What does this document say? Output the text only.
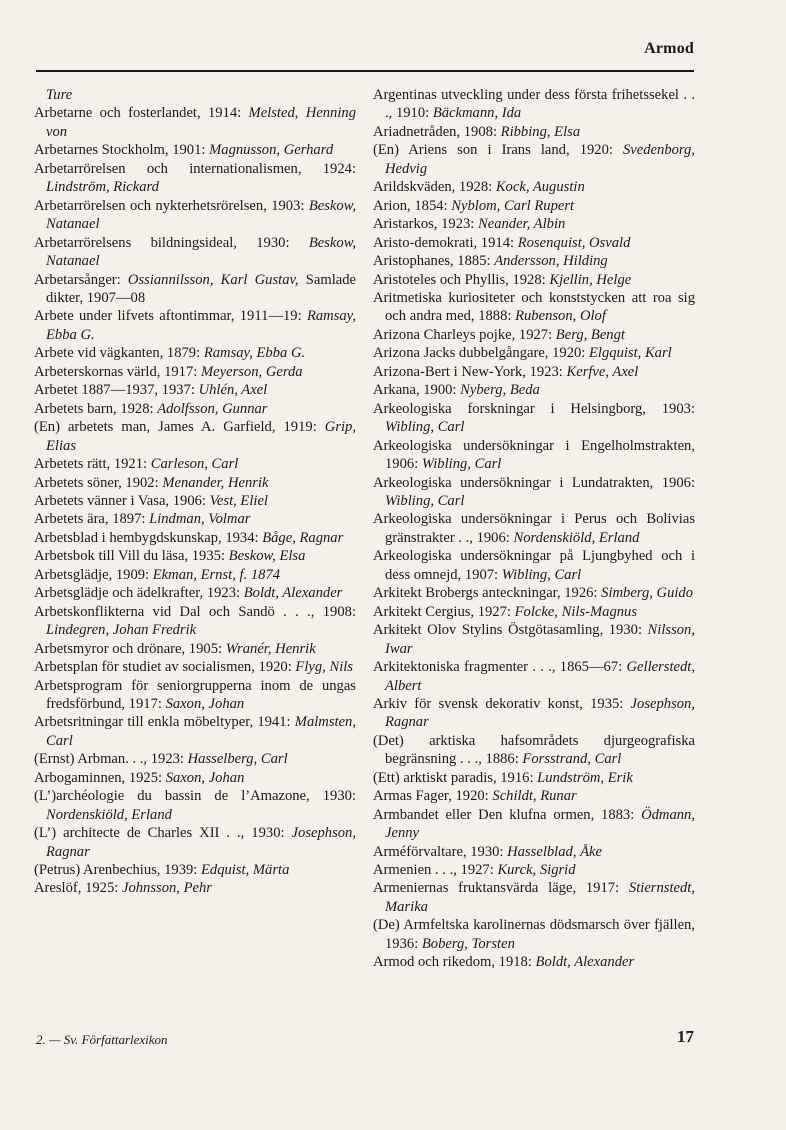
Armod

Ture

Arbetarne och fosterlandet, 1914: Melsted, Henning von

Arbetarnes Stockholm, 1901: Magnusson, Gerhard

Arbetarrörelsen och internationalismen, 1924: Lindström, Rickard

Arbetarrörelsen och nykterhetsrörelsen, 1903: Beskow, Natanael

Arbetarrörelsens bildningsideal, 1930: Beskow, Natanael

Arbetarsånger: Ossiannilsson, Karl Gustav, Samlade dikter, 1907—08

Arbete under lifvets aftontimmar, 1911—19: Ramsay, Ebba G.

Arbete vid vägkanten, 1879: Ramsay, Ebba G.

Arbeterskornas värld, 1917: Meyerson, Gerda

Arbetet 1887—1937, 1937: Uhlén, Axel

Arbetets barn, 1928: Adolfsson, Gunnar

(En) arbetets man, James A. Garfield, 1919: Grip, Elias

Arbetets rätt, 1921: Carleson, Carl

Arbetets söner, 1902: Menander, Henrik

Arbetets vänner i Vasa, 1906: Vest, Eliel

Arbetets ära, 1897: Lindman, Volmar

Arbetsblad i hembygdskunskap, 1934: Båge, Ragnar

Arbetsbok till Vill du läsa, 1935: Beskow, Elsa

Arbetsglädje, 1909: Ekman, Ernst, f. 1874

Arbetsglädje och ädelkrafter, 1923: Boldt, Alexander

Arbetskonflikterna vid Dal och Sandö . . ., 1908: Lindegren, Johan Fredrik

Arbetsmyror och drönare, 1905: Wranér, Henrik

Arbetsplan för studiet av socialismen, 1920: Flyg, Nils

Arbetsprogram för seniorgrupperna inom de ungas fredsförbund, 1917: Saxon, Johan

Arbetsritningar till enkla möbeltyper, 1941: Malmsten, Carl

(Ernst) Arbman. . ., 1923: Hasselberg, Carl

Arbogaminnen, 1925: Saxon, Johan

(L’)archéologie du bassin de l’Amazone, 1930: Nordenskiöld, Erland

(L’) architecte de Charles XII . ., 1930: Josephson, Ragnar

(Petrus) Arenbechius, 1939: Edquist, Märta

Areslöf, 1925: Johnsson, Pehr

Argentinas utveckling under dess första frihetssekel . . ., 1910: Bäckmann, Ida

Ariadnetråden, 1908: Ribbing, Elsa

(En) Ariens son i Irans land, 1920: Svedenborg, Hedvig

Arildskväden, 1928: Kock, Augustin

Arion, 1854: Nyblom, Carl Rupert

Aristarkos, 1923: Neander, Albin

Aristo-demokrati, 1914: Rosenquist, Osvald

Aristophanes, 1885: Andersson, Hilding

Aristoteles och Phyllis, 1928: Kjellin, Helge

Aritmetiska kuriositeter och konststycken att roa sig och andra med, 1888: Rubenson, Olof

Arizona Charleys pojke, 1927: Berg, Bengt

Arizona Jacks dubbelgångare, 1920: Elgquist, Karl

Arizona-Bert i New-York, 1923: Kerfve, Axel

Arkana, 1900: Nyberg, Beda

Arkeologiska forskningar i Helsingborg, 1903: Wibling, Carl

Arkeologiska undersökningar i Engelholmstrakten, 1906: Wibling, Carl

Arkeologiska undersökningar i Lundatrakten, 1906: Wibling, Carl

Arkeologiska undersökningar i Perus och Bolivias gränstrakter . ., 1906: Nordenskiöld, Erland

Arkeologiska undersökningar på Ljungbyhed och i dess omnejd, 1907: Wibling, Carl

Arkitekt Brobergs anteckningar, 1926: Simberg, Guido

Arkitekt Cergius, 1927: Folcke, Nils-Magnus

Arkitekt Olov Stylins Östgötasamling, 1930: Nilsson, Iwar

Arkitektoniska fragmenter . . ., 1865—67: Gellerstedt, Albert

Arkiv för svensk dekorativ konst, 1935: Josephson, Ragnar

(Det) arktiska hafsområdets djurgeografiska begränsning . . ., 1886: Forsstrand, Carl

(Ett) arktiskt paradis, 1916: Lundström, Erik

Armas Fager, 1920: Schildt, Runar

Armbandet eller Den klufna ormen, 1883: Ödmann, Jenny

Arméförvaltare, 1930: Hasselblad, Åke

Armenien . . ., 1927: Kurck, Sigrid

Armeniernas fruktansvärda läge, 1917: Stiernstedt, Marika

(De) Armfeltska karolinernas dödsmarsch över fjällen, 1936: Boberg, Torsten

Armod och rikedom, 1918: Boldt, Alexander

2. — Sv. Författarlexikon	17
